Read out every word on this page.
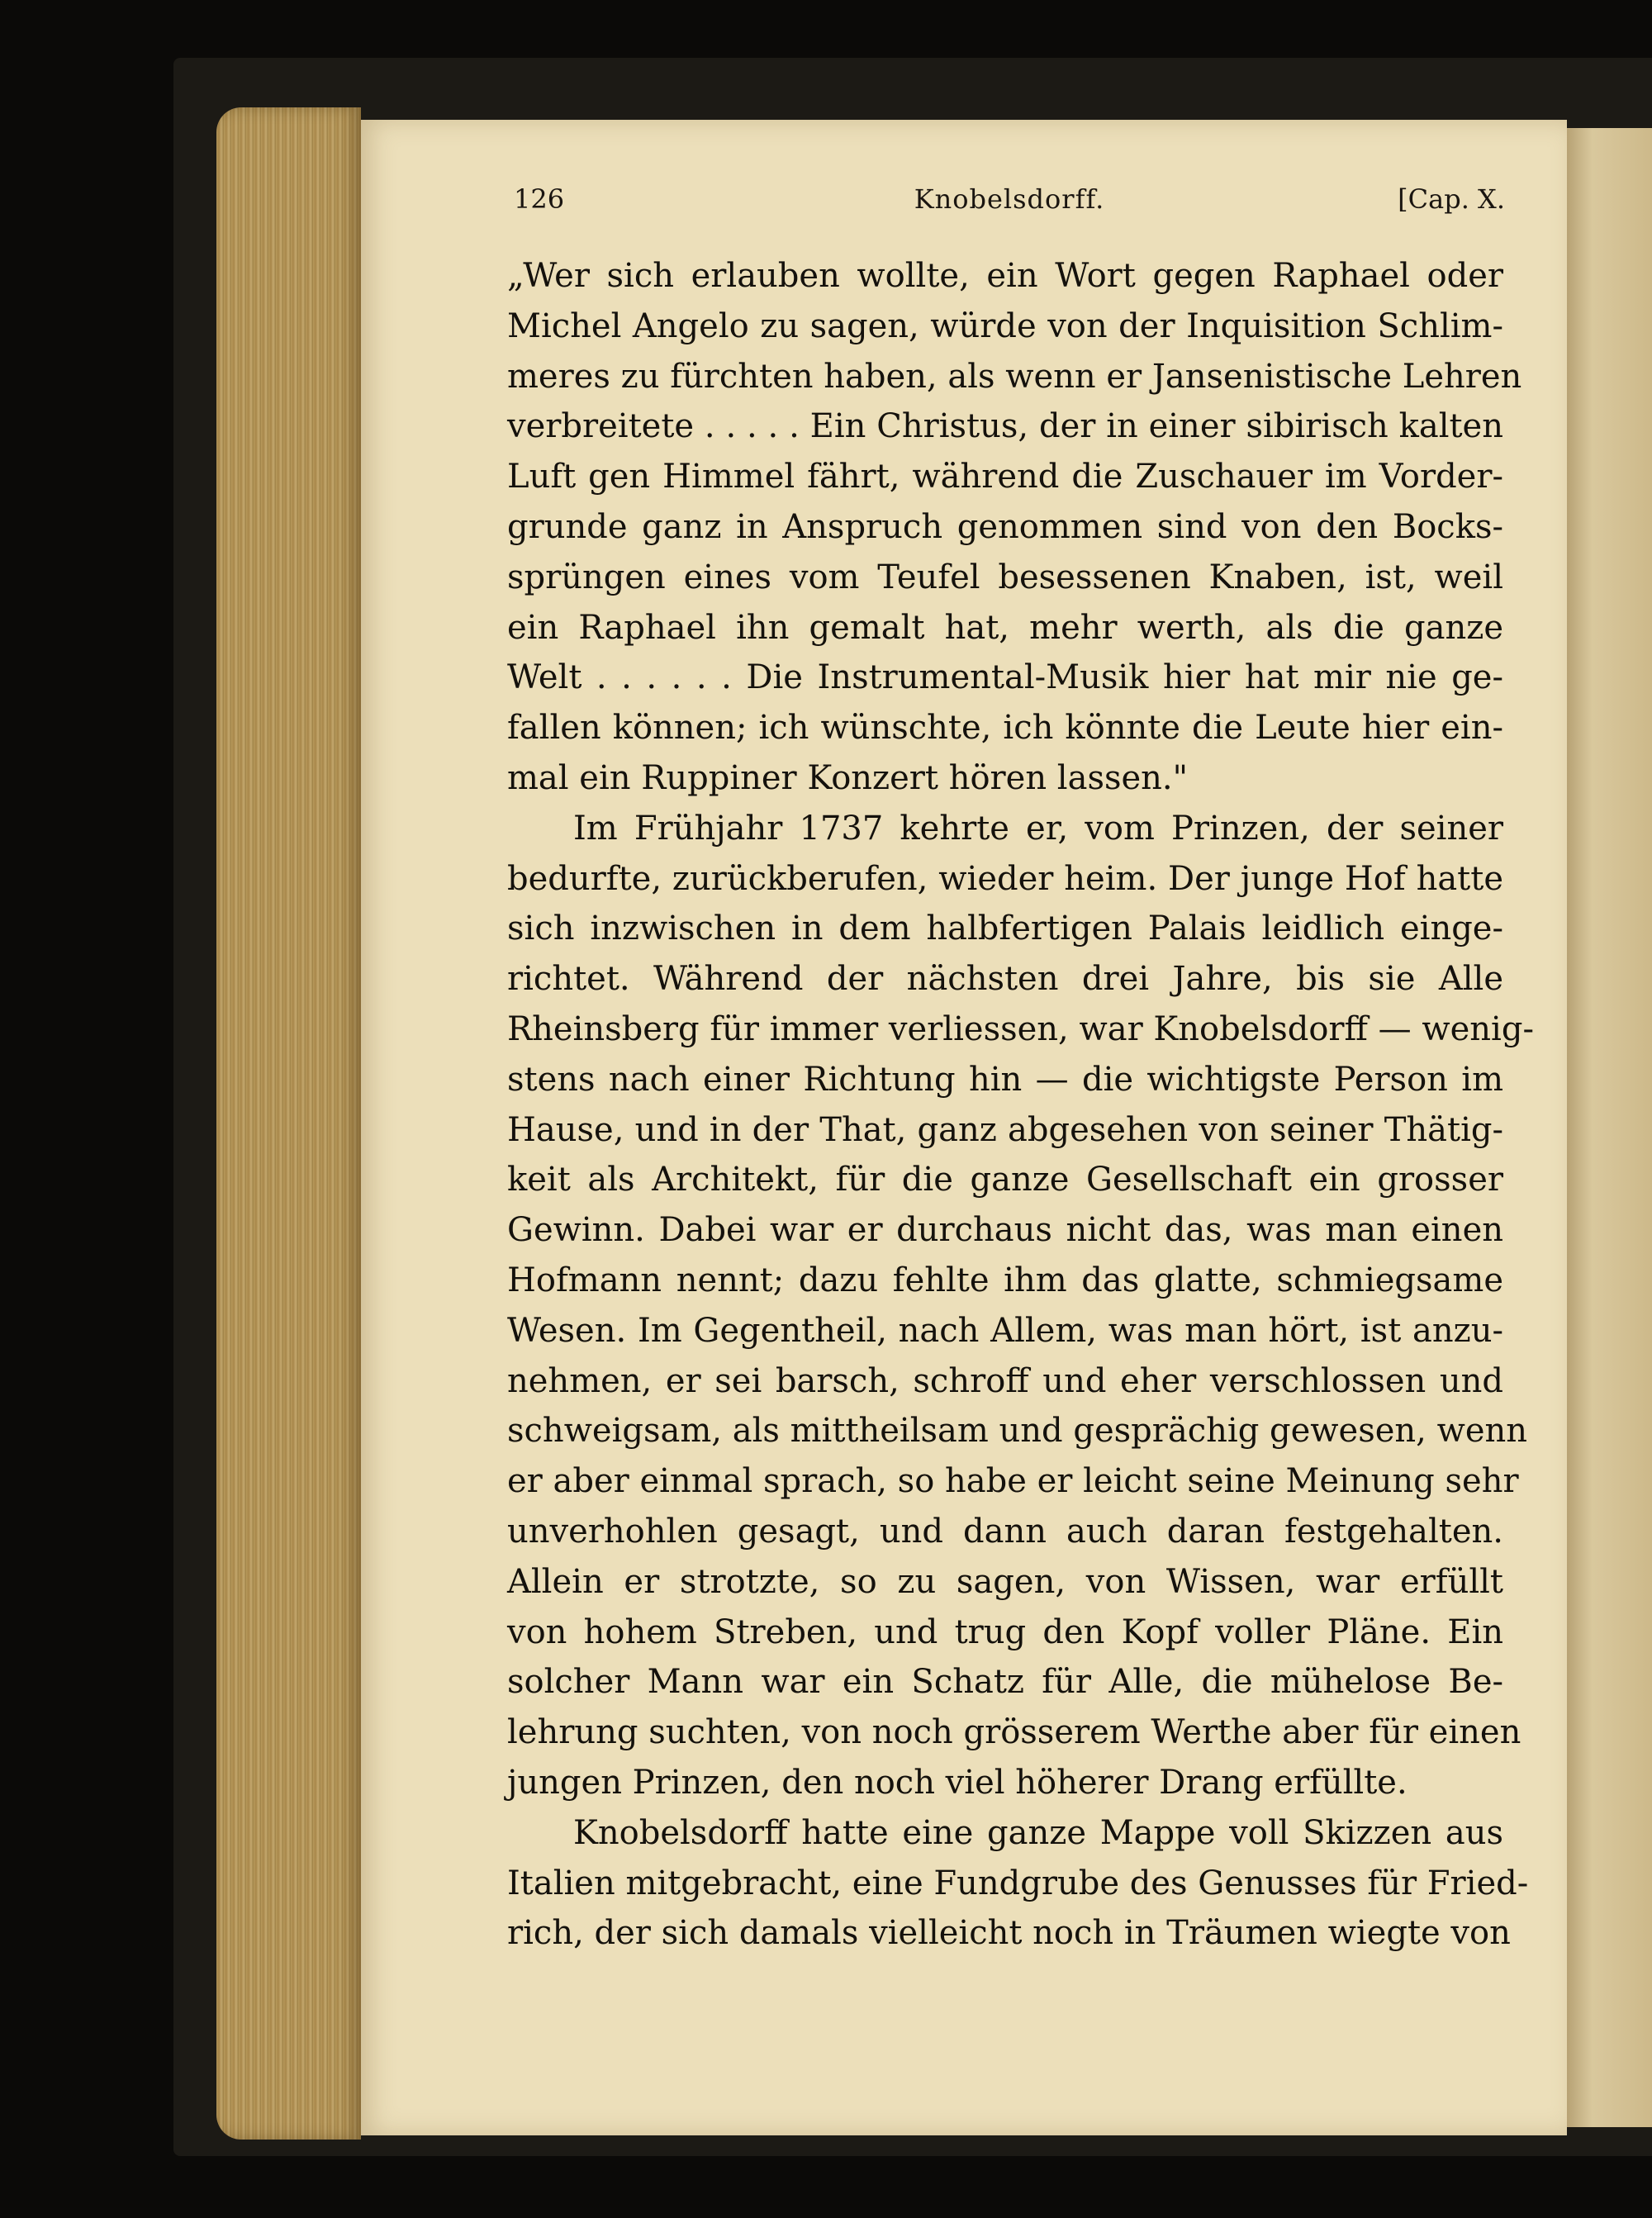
126	Knobelsdorff.	[Cap. X.
„Wer sich erlauben wollte, ein Wort gegen Raphael oder
Michel Angelo zu sagen, würde von der Inquisition Schlim-
meres zu fürchten haben, als wenn er Jansenistische Lehren
verbreitete . . . . . Ein Christus, der in einer sibirisch kalten
Luft gen Himmel fährt, während die Zuschauer im Vorder-
grunde ganz in Anspruch genommen sind von den Bocks-
sprüngen eines vom Teufel besessenen Knaben, ist, weil
ein Raphael ihn gemalt hat, mehr werth, als die ganze
Welt . . . . . . Die Instrumental-Musik hier hat mir nie ge-
fallen können; ich wünschte, ich könnte die Leute hier ein-
mal ein Ruppiner Konzert hören lassen."
Im Frühjahr 1737 kehrte er, vom Prinzen, der seiner
bedurfte, zurückberufen, wieder heim. Der junge Hof hatte
sich inzwischen in dem halbfertigen Palais leidlich einge-
richtet. Während der nächsten drei Jahre, bis sie Alle
Rheinsberg für immer verliessen, war Knobelsdorff — wenig-
stens nach einer Richtung hin — die wichtigste Person im
Hause, und in der That, ganz abgesehen von seiner Thätig-
keit als Architekt, für die ganze Gesellschaft ein grosser
Gewinn. Dabei war er durchaus nicht das, was man einen
Hofmann nennt; dazu fehlte ihm das glatte, schmiegsame
Wesen. Im Gegentheil, nach Allem, was man hört, ist anzu-
nehmen, er sei barsch, schroff und eher verschlossen und
schweigsam, als mittheilsam und gesprächig gewesen, wenn
er aber einmal sprach, so habe er leicht seine Meinung sehr
unverhohlen gesagt, und dann auch daran festgehalten.
Allein er strotzte, so zu sagen, von Wissen, war erfüllt
von hohem Streben, und trug den Kopf voller Pläne. Ein
solcher Mann war ein Schatz für Alle, die mühelose Be-
lehrung suchten, von noch grösserem Werthe aber für einen
jungen Prinzen, den noch viel höherer Drang erfüllte.
Knobelsdorff hatte eine ganze Mappe voll Skizzen aus
Italien mitgebracht, eine Fundgrube des Genusses für Fried-
rich, der sich damals vielleicht noch in Träumen wiegte von
